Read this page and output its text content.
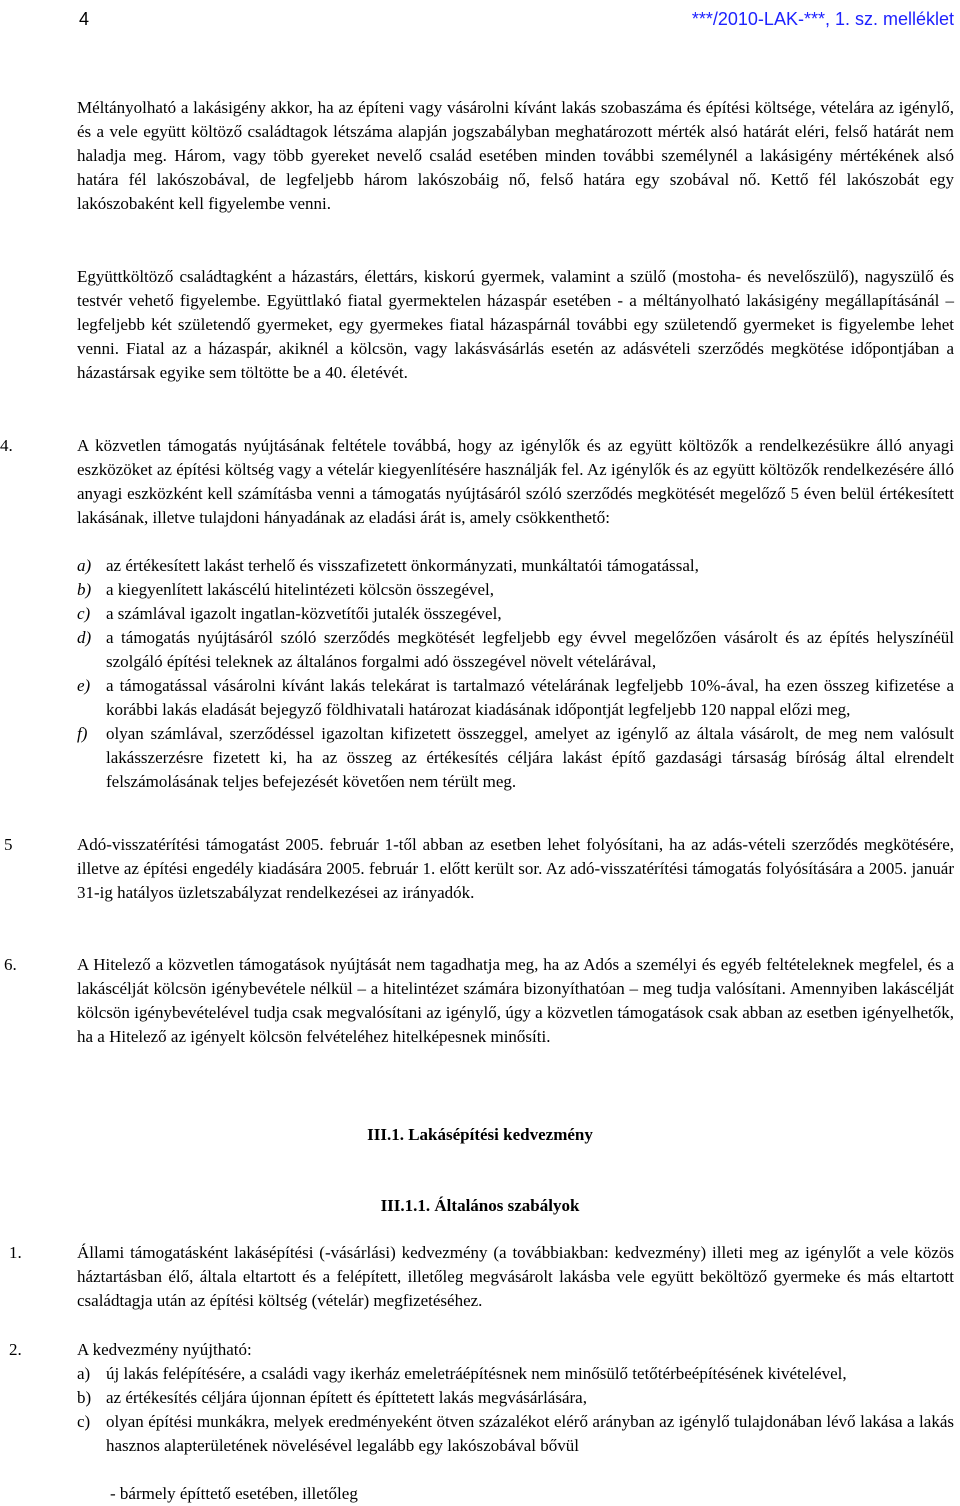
4	***/2010-LAK-***, 1. sz. melléklet
Méltányolható a lakásigény akkor, ha az építeni vagy vásárolni kívánt lakás szobaszáma és építési költsége, vételára az igénylő, és a vele együtt költöző családtagok létszáma alapján jogszabályban meghatározott mérték alsó határát eléri, felső határát nem haladja meg. Három, vagy több gyereket nevelő család esetében minden további személynél a lakásigény mértékének alsó határa fél lakószobával, de legfeljebb három lakószobáig nő, felső határa egy szobával nő. Kettő fél lakószobát egy lakószobaként kell figyelembe venni.
Együttköltöző családtagként a házastárs, élettárs, kiskorú gyermek, valamint a szülő (mostoha- és nevelőszülő), nagyszülő és testvér vehető figyelembe. Együttlakó fiatal gyermektelen házaspár esetében - a méltányolható lakásigény megállapításánál – legfeljebb két születendő gyermeket, egy gyermekes fiatal házaspárnál további egy születendő gyermeket is figyelembe lehet venni. Fiatal az a házaspár, akiknél a kölcsön, vagy lakásvásárlás esetén az adásvételi szerződés megkötése időpontjában a házastársak egyike sem töltötte be a 40. életévét.
4.	A közvetlen támogatás nyújtásának feltétele továbbá, hogy az igénylők és az együtt költözők a rendelkezésükre álló anyagi eszközöket az építési költség vagy a vételár kiegyenlítésére használják fel. Az igénylők és az együtt költözők rendelkezésére álló anyagi eszközként kell számításba venni a támogatás nyújtásáról szóló szerződés megkötését megelőző 5 éven belül értékesített lakásának, illetve tulajdoni hányadának az eladási árát is, amely csökkenthető:
a) az értékesített lakást terhelő és visszafizetett önkormányzati, munkáltatói támogatással,
b) a kiegyenlített lakáscélú hitelintézeti kölcsön összegével,
c) a számlával igazolt ingatlan-közvetítői jutalék összegével,
d) a támogatás nyújtásáról szóló szerződés megkötését legfeljebb egy évvel megelőzően vásárolt és az építés helyszínéül szolgáló építési teleknek az általános forgalmi adó összegével növelt vételárával,
e) a támogatással vásárolni kívánt lakás telekárat is tartalmazó vételárának legfeljebb 10%-ával, ha ezen összeg kifizetése a korábbi lakás eladását bejegyző földhivatali határozat kiadásának időpontját legfeljebb 120 nappal előzi meg,
f) olyan számlával, szerződéssel igazoltan kifizetett összeggel, amelyet az igénylő az általa vásárolt, de meg nem valósult lakásszerzésre fizetett ki, ha az összeg az értékesítés céljára lakást építő gazdasági társaság bíróság által elrendelt felszámolásának teljes befejezését követően nem térült meg.
5	Adó-visszatérítési támogatást 2005. február 1-től abban az esetben lehet folyósítani, ha az adás-vételi szerződés megkötésére, illetve az építési engedély kiadására 2005. február 1. előtt került sor. Az adó-visszatérítési támogatás folyósítására a 2005. január 31-ig hatályos üzletszabályzat rendelkezései az irányadók.
6.	A Hitelező a közvetlen támogatások nyújtását nem tagadhatja meg, ha az Adós a személyi és egyéb feltételeknek megfelel, és a lakáscélját kölcsön igénybevétele nélkül – a hitelintézet számára bizonyíthatóan – meg tudja valósítani. Amennyiben lakáscélját kölcsön igénybevételével tudja csak megvalósítani az igénylő, úgy a közvetlen támogatások csak abban az esetben igényelhetők, ha a Hitelező az igényelt kölcsön felvételéhez hitelképesnek minősíti.
III.1. Lakásépítési kedvezmény
III.1.1. Általános szabályok
1.	Állami támogatásként lakásépítési (-vásárlási) kedvezmény (a továbbiakban: kedvezmény) illeti meg az igénylőt a vele közös háztartásban élő, általa eltartott és a felépített, illetőleg megvásárolt lakásba vele együtt beköltöző gyermeke és más eltartott családtagja után az építési költség (vételár) megfizetéséhez.
2.	A kedvezmény nyújtható:
a) új lakás felépítésére, a családi vagy ikerház emeletráépítésnek nem minősülő tetőtérbeépítésének kivételével,
b) az értékesítés céljára újonnan épített és építtetett lakás megvásárlására,
c) olyan építési munkákra, melyek eredményeként ötven százalékot elérő arányban az igénylő tulajdonában lévő lakása a lakás hasznos alapterületének növelésével legalább egy lakószobával bővül
- bármely építtető esetében, illetőleg
